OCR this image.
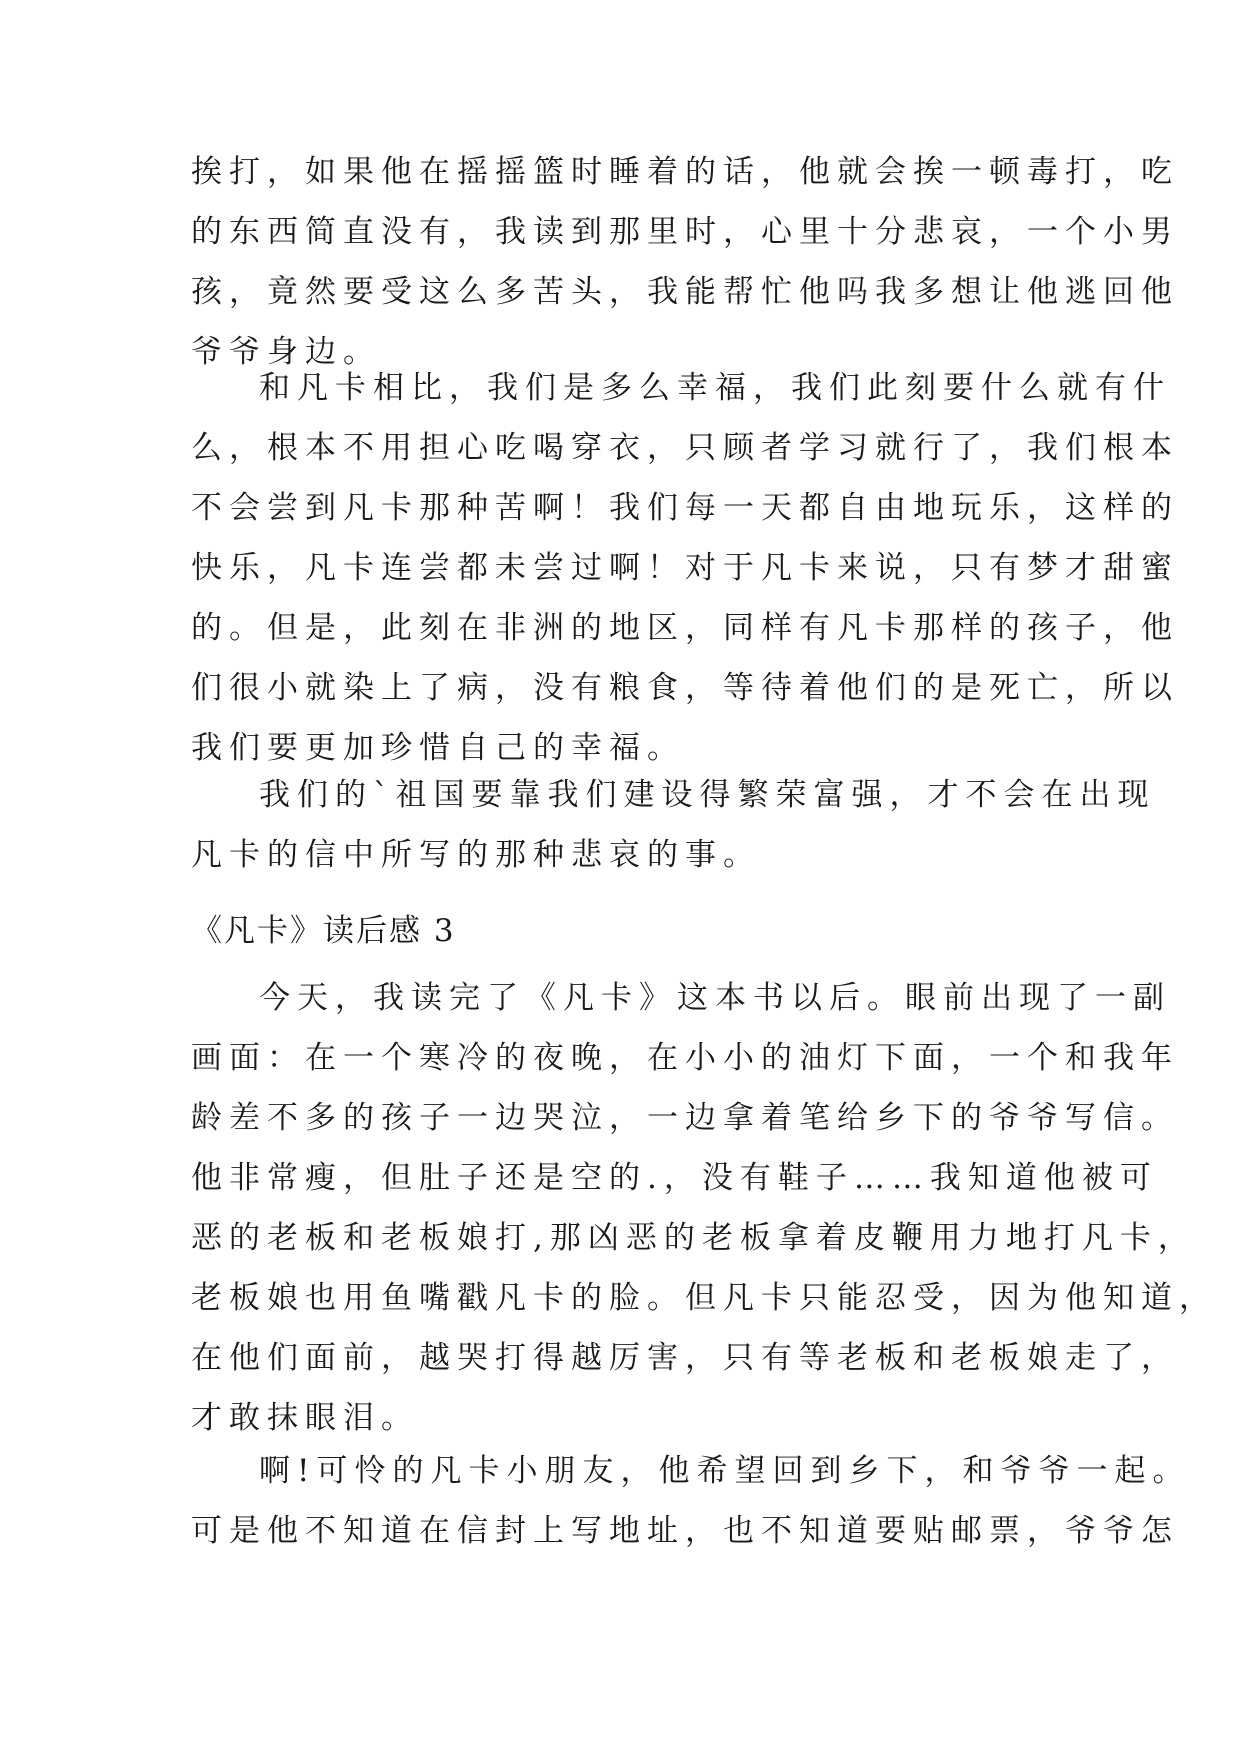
挨打，如果他在摇摇篮时睡着的话，他就会挨一顿毒打，吃
的东西简直没有，我读到那里时，心里十分悲哀，一个小男
孩，竟然要受这么多苦头，我能帮忙他吗我多想让他逃回他
爷爷身边。
和凡卡相比，我们是多么幸福，我们此刻要什么就有什
么，根本不用担心吃喝穿衣，只顾者学习就行了，我们根本
不会尝到凡卡那种苦啊！我们每一天都自由地玩乐，这样的
快乐，凡卡连尝都未尝过啊！对于凡卡来说，只有梦才甜蜜
的。但是，此刻在非洲的地区，同样有凡卡那样的孩子，他
们很小就染上了病，没有粮食，等待着他们的是死亡，所以
我们要更加珍惜自己的幸福。
我们的`祖国要靠我们建设得繁荣富强，才不会在出现
凡卡的信中所写的那种悲哀的事。
《凡卡》读后感 3
今天，我读完了《凡卡》这本书以后。眼前出现了一副
画面：在一个寒冷的夜晚，在小小的油灯下面，一个和我年
龄差不多的孩子一边哭泣，一边拿着笔给乡下的爷爷写信。
他非常瘦，但肚子还是空的.，没有鞋子……我知道他被可
恶的老板和老板娘打,那凶恶的老板拿着皮鞭用力地打凡卡，
老板娘也用鱼嘴戳凡卡的脸。但凡卡只能忍受，因为他知道，
在他们面前，越哭打得越厉害，只有等老板和老板娘走了，
才敢抹眼泪。
啊!可怜的凡卡小朋友，他希望回到乡下，和爷爷一起。
可是他不知道在信封上写地址，也不知道要贴邮票，爷爷怎
